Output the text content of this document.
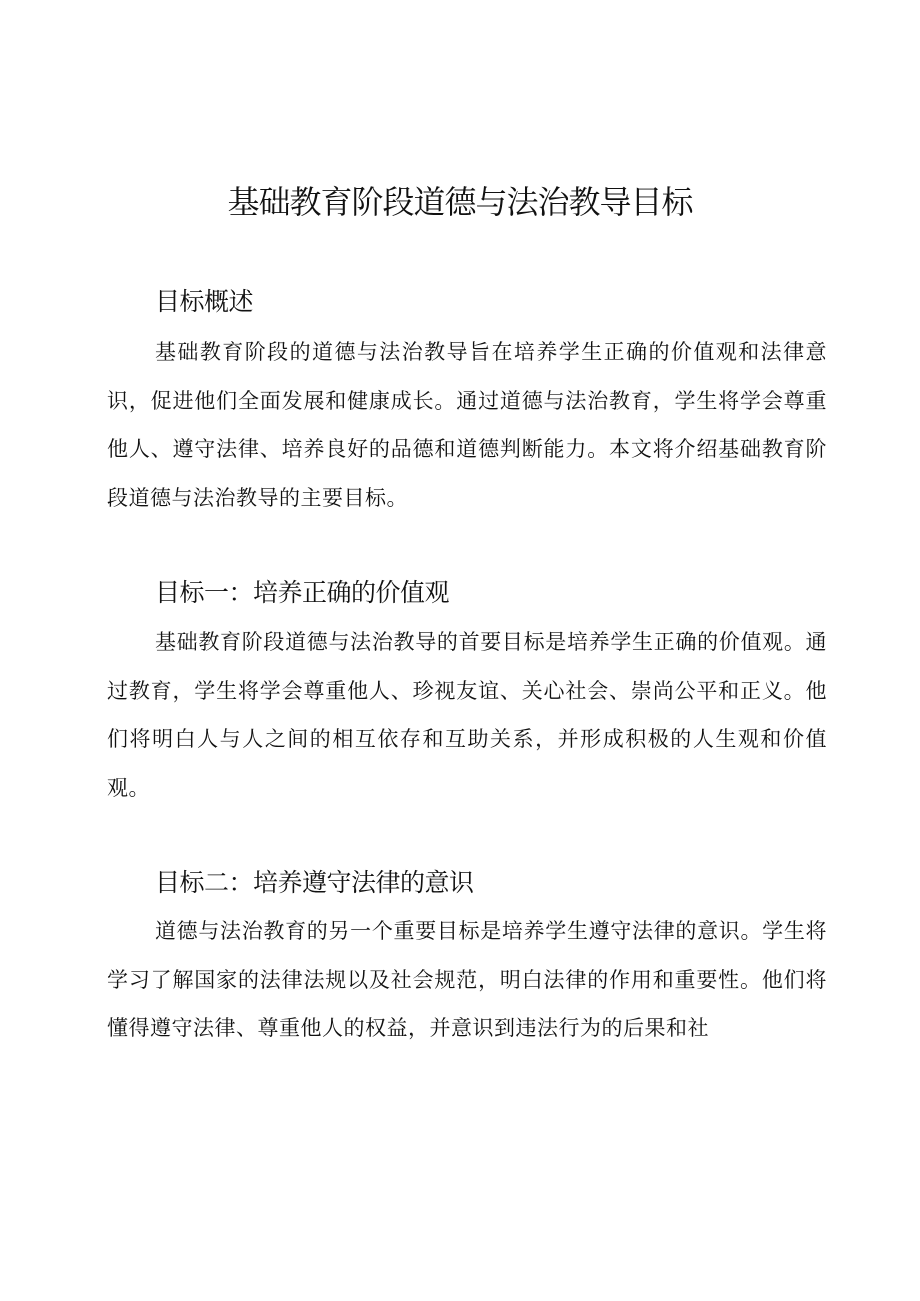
基础教育阶段道德与法治教导目标
目标概述

基础教育阶段的道德与法治教导旨在培养学生正确的价值观和法律意识，促进他们全面发展和健康成长。通过道德与法治教育，学生将学会尊重他人、遵守法律、培养良好的品德和道德判断能力。本文将介绍基础教育阶段道德与法治教导的主要目标。

目标一：培养正确的价值观

基础教育阶段道德与法治教导的首要目标是培养学生正确的价值观。通过教育，学生将学会尊重他人、珍视友谊、关心社会、崇尚公平和正义。他们将明白人与人之间的相互依存和互助关系，并形成积极的人生观和价值观。

目标二：培养遵守法律的意识

道德与法治教育的另一个重要目标是培养学生遵守法律的意识。学生将学习了解国家的法律法规以及社会规范，明白法律的作用和重要性。他们将懂得遵守法律、尊重他人的权益，并意识到违法行为的后果和社
